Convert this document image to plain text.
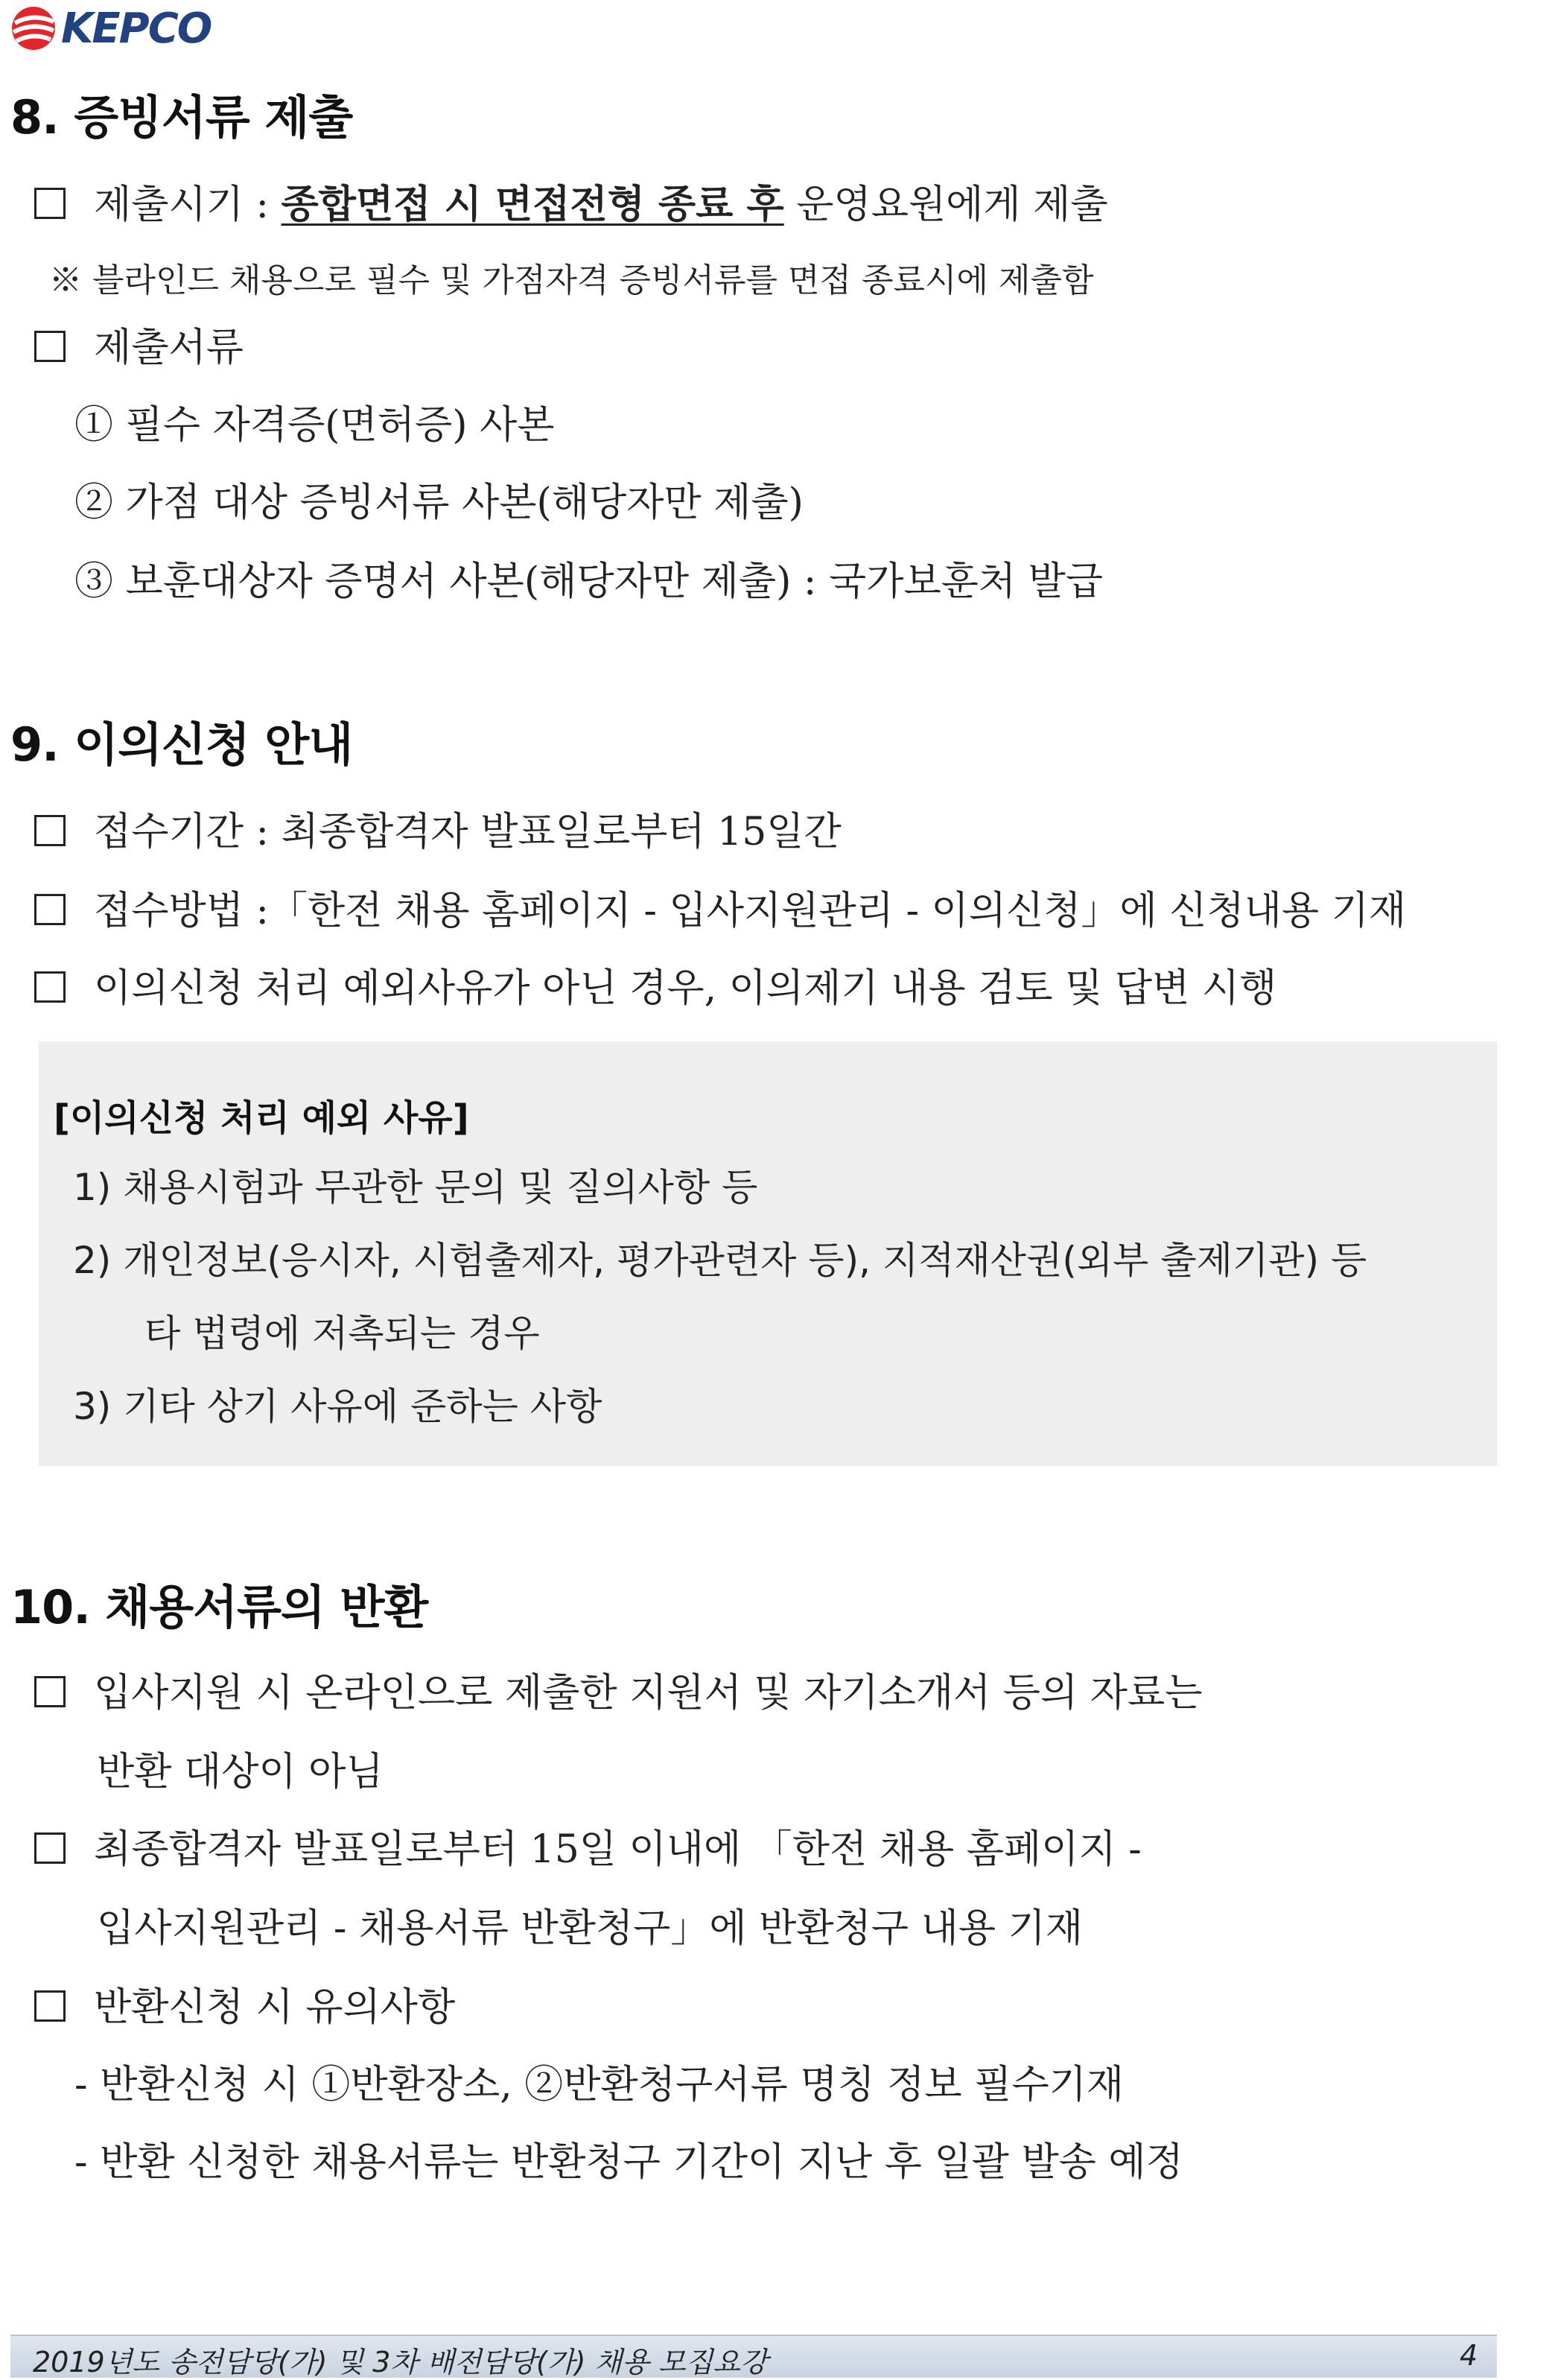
KEPCO
8. 증빙서류 제출
제출시기 : 종합면접 시 면접전형 종료 후 운영요원에게 제출
※ 블라인드 채용으로 필수 및 가점자격 증빙서류를 면접 종료시에 제출함
제출서류
① 필수 자격증(면허증) 사본
② 가점 대상 증빙서류 사본(해당자만 제출)
③ 보훈대상자 증명서 사본(해당자만 제출) : 국가보훈처 발급
9. 이의신청 안내
접수기간 : 최종합격자 발표일로부터 15일간
접수방법 :「한전 채용 홈페이지 - 입사지원관리 - 이의신청」에 신청내용 기재
이의신청 처리 예외사유가 아닌 경우, 이의제기 내용 검토 및 답변 시행
[이의신청 처리 예외 사유]
1) 채용시험과 무관한 문의 및 질의사항 등
2) 개인정보(응시자, 시험출제자, 평가관련자 등), 지적재산권(외부 출제기관) 등
타 법령에 저촉되는 경우
3) 기타 상기 사유에 준하는 사항
10. 채용서류의 반환
입사지원 시 온라인으로 제출한 지원서 및 자기소개서 등의 자료는
반환 대상이 아님
최종합격자 발표일로부터 15일 이내에 「한전 채용 홈페이지 -
입사지원관리 - 채용서류 반환청구」에 반환청구 내용 기재
반환신청 시 유의사항
- 반환신청 시 ①반환장소, ②반환청구서류 명칭 정보 필수기재
- 반환 신청한 채용서류는 반환청구 기간이 지난 후 일괄 발송 예정
2019년도 송전담당(가) 및 3차 배전담당(가) 채용 모집요강	4
